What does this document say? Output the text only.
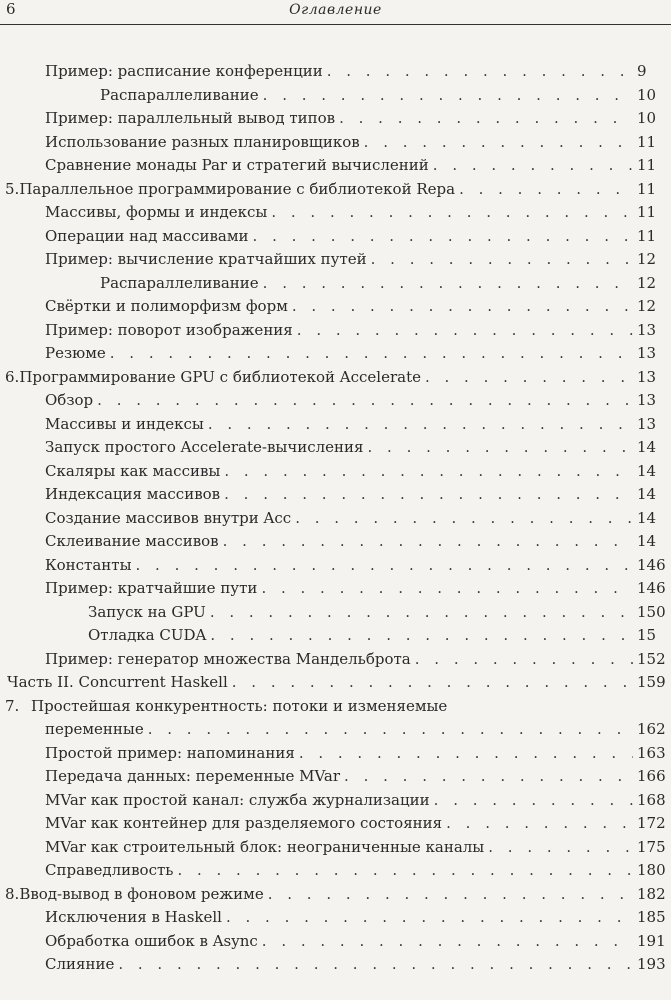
6	Оглавление
Пример: расписание конференции . . .	9
Распараллеливание . . .	10
Пример: параллельный вывод типов . . .	10
Использование разных планировщиков . . .	11
Сравнение монады Par и стратегий вычислений . . .	11
5. Параллельное программирование с библиотекой Repa . . .	11
Массивы, формы и индексы . . .	11
Операции над массивами . . .	11
Пример: вычисление кратчайших путей . . .	12
Распараллеливание . . .	12
Свёртки и полиморфизм форм . . .	12
Пример: поворот изображения . . .	13
Резюме . . .	13
6. Программирование GPU с библиотекой Accelerate . . .	13
Обзор . . .	13
Массивы и индексы . . .	13
Запуск простого Accelerate-вычисления . . .	14
Скаляры как массивы . . .	14
Индексация массивов . . .	14
Создание массивов внутри Acc . . .	14
Склеивание массивов . . .	14
Константы . . .	146
Пример: кратчайшие пути . . .	146
Запуск на GPU . . .	150
Отладка CUDA . . .	15
Пример: генератор множества Мандельброта . . .	152
Часть II. Concurrent Haskell . . .	159
7. Простейшая конкурентность: потоки и изменяемые
переменные . . .	162
Простой пример: напоминания . . .	163
Передача данных: переменные MVar . . .	166
MVar как простой канал: служба журнализации . . .	168
MVar как контейнер для разделяемого состояния . . .	172
MVar как строительный блок: неограниченные каналы . . .	175
Справедливость . . .	180
8. Ввод-вывод в фоновом режиме . . .	182
Исключения в Haskell . . .	185
Обработка ошибок в Async . . .	191
Слияние . . .	193
